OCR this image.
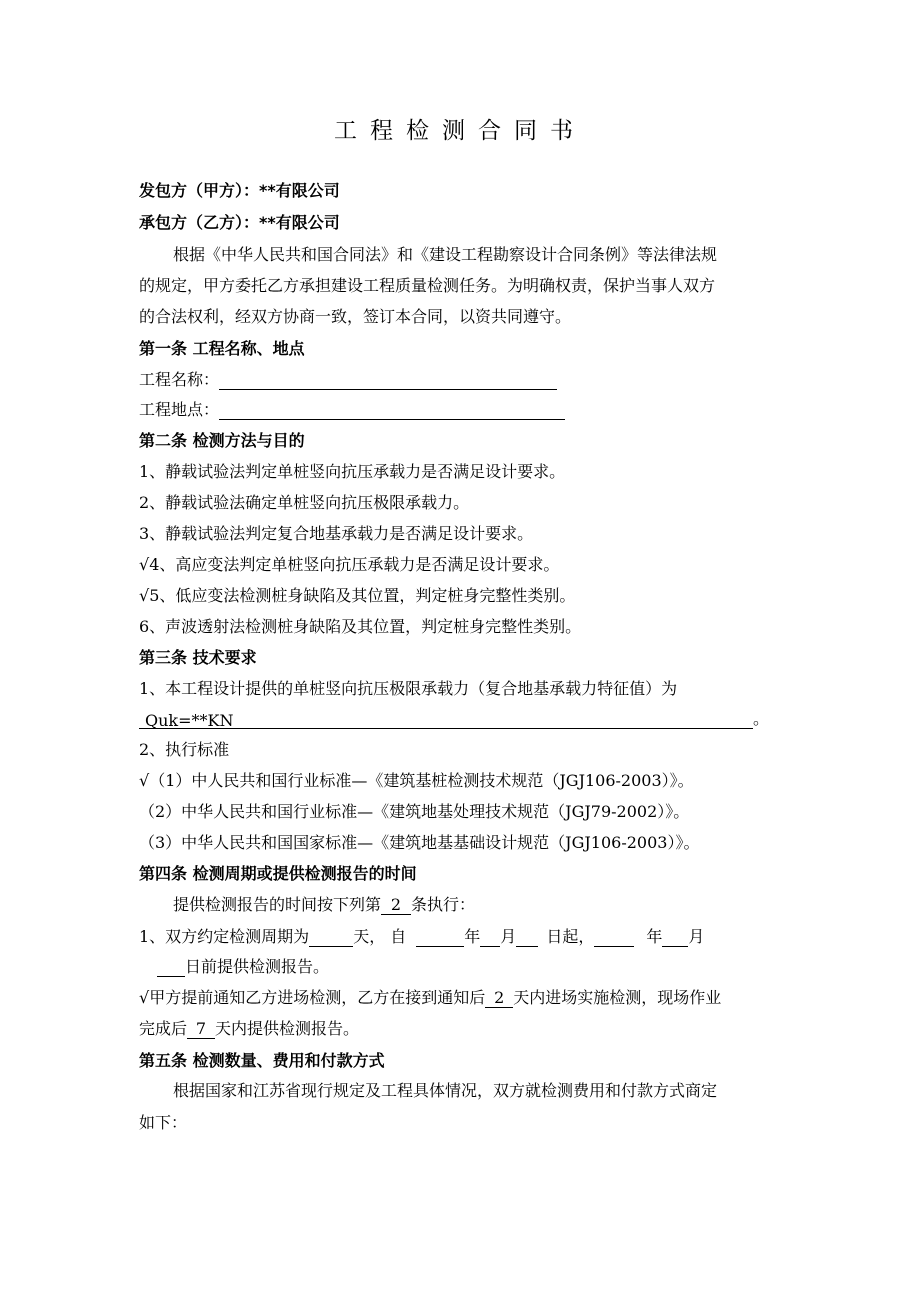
工程检测合同书
发包方（甲方）：**有限公司
承包方（乙方）：**有限公司
根据《中华人民共和国合同法》和《建设工程勘察设计合同条例》等法律法规
的规定，甲方委托乙方承担建设工程质量检测任务。为明确权责，保护当事人双方
的合法权利，经双方协商一致，签订本合同，以资共同遵守。
第一条 工程名称、地点
工程名称：
工程地点：
第二条 检测方法与目的
1、静载试验法判定单桩竖向抗压承载力是否满足设计要求。
2、静载试验法确定单桩竖向抗压极限承载力。
3、静载试验法判定复合地基承载力是否满足设计要求。
√4、高应变法判定单桩竖向抗压承载力是否满足设计要求。
√5、低应变法检测桩身缺陷及其位置，判定桩身完整性类别。
6、声波透射法检测桩身缺陷及其位置，判定桩身完整性类别。
第三条 技术要求
1、本工程设计提供的单桩竖向抗压极限承载力（复合地基承载力特征值）为
Quk=**KN	。
2、执行标准
√（1）中人民共和国行业标准—《建筑基桩检测技术规范（JGJ106-2003）》。
（2）中华人民共和国行业标准—《建筑地基处理技术规范（JGJ79-2002）》。
（3）中华人民共和国国家标准—《建筑地基基础设计规范（JGJ106-2003）》。
第四条 检测周期或提供检测报告的时间
提供检测报告的时间按下列第 2 条执行：
1、双方约定检测周期为	天， 自	年 月 日起，	年 月
日前提供检测报告。
√甲方提前通知乙方进场检测，乙方在接到通知后 2 天内进场实施检测，现场作业
完成后 7 天内提供检测报告。
第五条 检测数量、费用和付款方式
根据国家和江苏省现行规定及工程具体情况，双方就检测费用和付款方式商定
如下：
